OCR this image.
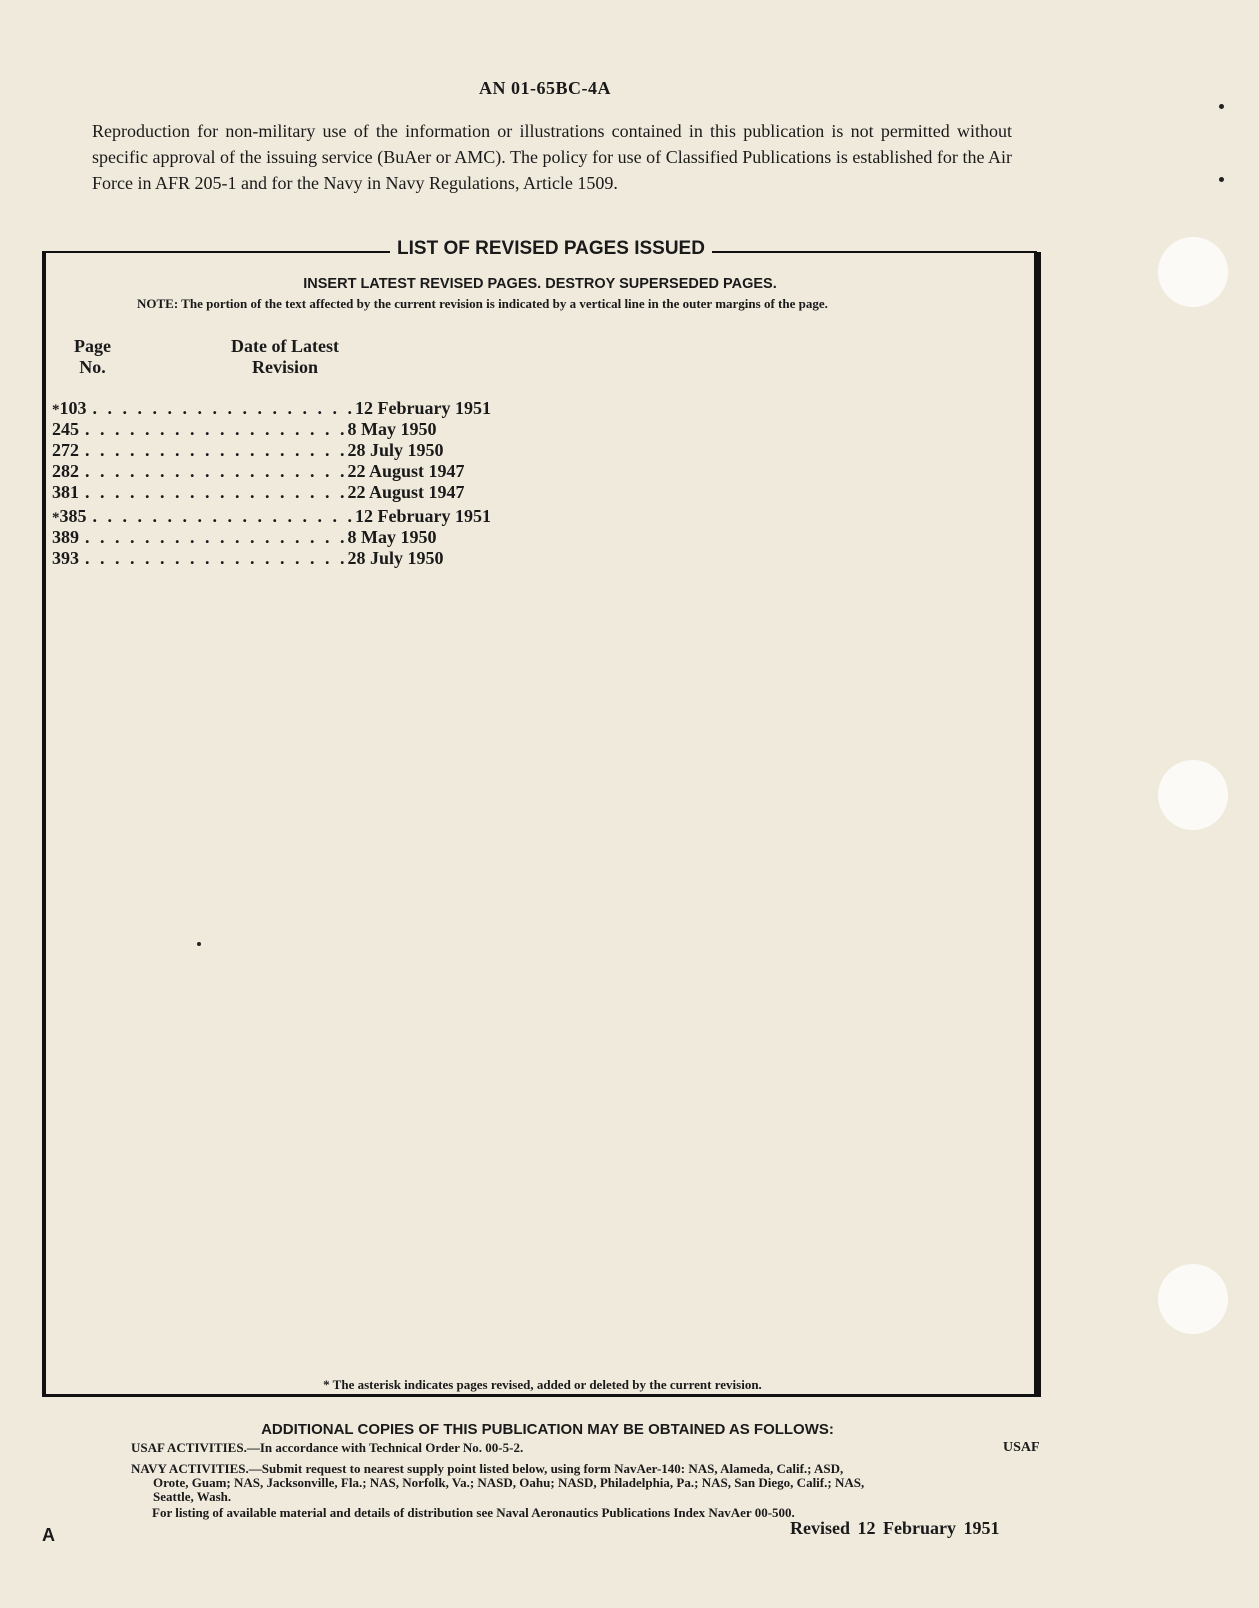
AN 01-65BC-4A
Reproduction for non-military use of the information or illustrations contained in this publication is not permitted without specific approval of the issuing service (BuAer or AMC). The policy for use of Classified Publications is established for the Air Force in AFR 205-1 and for the Navy in Navy Regulations, Article 1509.
LIST OF REVISED PAGES ISSUED
INSERT LATEST REVISED PAGES. DESTROY SUPERSEDED PAGES.
NOTE: The portion of the text affected by the current revision is indicated by a vertical line in the outer margins of the page.
Page
No.
Date of Latest
Revision
* 103 . . . . . . . . . . . . . . . . . . 12 February 1951
245 . . . . . . . . . . . . . . . . . . 8 May 1950
272 . . . . . . . . . . . . . . . . . . 28 July 1950
282 . . . . . . . . . . . . . . . . . . 22 August 1947
381 . . . . . . . . . . . . . . . . . . 22 August 1947
* 385 . . . . . . . . . . . . . . . . . . 12 February 1951
389 . . . . . . . . . . . . . . . . . . 8 May 1950
393 . . . . . . . . . . . . . . . . . . 28 July 1950
* The asterisk indicates pages revised, added or deleted by the current revision.
ADDITIONAL COPIES OF THIS PUBLICATION MAY BE OBTAINED AS FOLLOWS:
USAF ACTIVITIES.—In accordance with Technical Order No. 00-5-2.	USAF
NAVY ACTIVITIES.—Submit request to nearest supply point listed below, using form NavAer-140: NAS, Alameda, Calif.; ASD,
Orote, Guam; NAS, Jacksonville, Fla.; NAS, Norfolk, Va.; NASD, Oahu; NASD, Philadelphia, Pa.; NAS, San Diego, Calif.; NAS,
Seattle, Wash.
For listing of available material and details of distribution see Naval Aeronautics Publications Index NavAer 00-500.
A	Revised 12 February 1951
